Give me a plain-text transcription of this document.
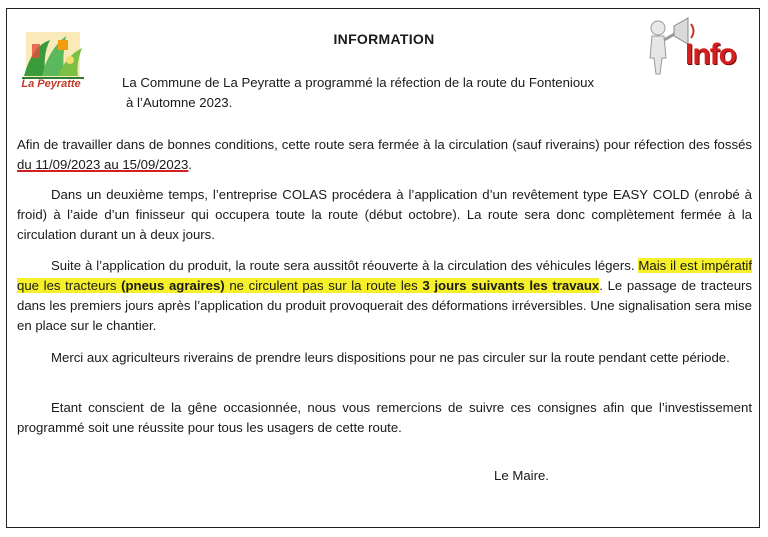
La Peyratte
INFORMATION	Info
La Commune de La Peyratte a programmé la réfection de la route du Fontenioux
à l’Automne 2023.
Afin de travailler dans de bonnes conditions, cette route sera fermée à la circulation (sauf riverains) pour réfection des fossés du 11/09/2023 au 15/09/2023.
Dans un deuxième temps, l’entreprise COLAS procédera à l’application d’un revêtement type EASY COLD (enrobé à froid) à l’aide d’un finisseur qui occupera toute la route (début octobre). La route sera donc complètement fermée à la circulation durant un à deux jours.
Suite à l’application du produit, la route sera aussitôt réouverte à la circulation des véhicules légers. Mais il est impératif que les tracteurs (pneus agraires) ne circulent pas sur la route les 3 jours suivants les travaux. Le passage de tracteurs dans les premiers jours après l’application du produit provoquerait des déformations irréversibles. Une signalisation sera mise en place sur le chantier.
Merci aux agriculteurs riverains de prendre leurs dispositions pour ne pas circuler sur la route pendant cette période.
Etant conscient de la gêne occasionnée, nous vous remercions de suivre ces consignes afin que l’investissement programmé soit une réussite pour tous les usagers de cette route.
Le Maire.
